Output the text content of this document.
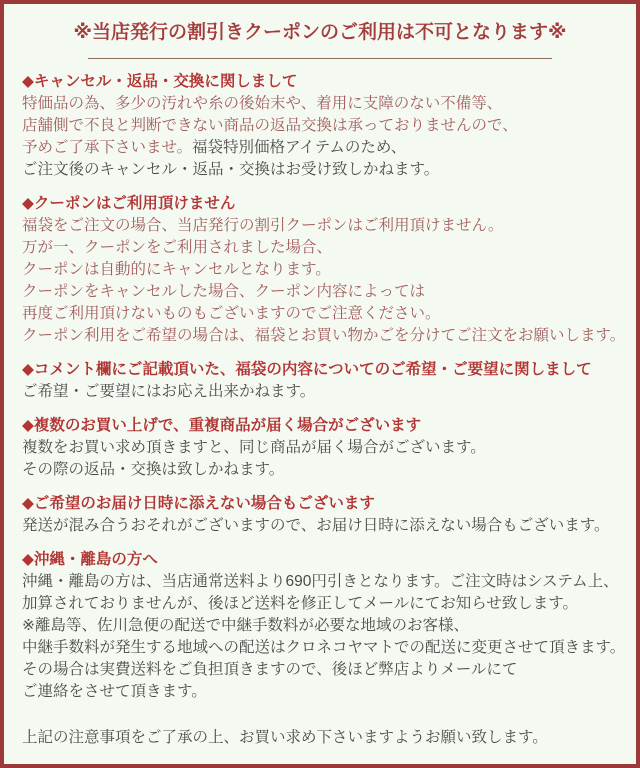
※当店発行の割引きクーポンのご利用は不可となります※
◆キャンセル・返品・交換に関しまして

特価品の為、多少の汚れや糸の後始末や、着用に支障のない不備等、

店舗側で不良と判断できない商品の返品交換は承っておりませんので、

予めご了承下さいませ。福袋特別価格アイテムのため、

ご注文後のキャンセル・返品・交換はお受け致しかねます。

◆クーポンはご利用頂けません

福袋をご注文の場合、当店発行の割引クーポンはご利用頂けません。

万が一、クーポンをご利用されました場合、

クーポンは自動的にキャンセルとなります。

クーポンをキャンセルした場合、クーポン内容によっては

再度ご利用頂けないものもございますのでご注意ください。

クーポン利用をご希望の場合は、福袋とお買い物かごを分けてご注文をお願いします。

◆コメント欄にご記載頂いた、福袋の内容についてのご希望・ご要望に関しまして

ご希望・ご要望にはお応え出来かねます。

◆複数のお買い上げで、重複商品が届く場合がございます

複数をお買い求め頂きますと、同じ商品が届く場合がございます。

その際の返品・交換は致しかねます。

◆ご希望のお届け日時に添えない場合もございます

発送が混み合うおそれがございますので、お届け日時に添えない場合もございます。

◆沖縄・離島の方へ

沖縄・離島の方は、当店通常送料より690円引きとなります。ご注文時はシステム上、

加算されておりませんが、後ほど送料を修正してメールにてお知らせ致します。

※離島等、佐川急便の配送で中継手数料が必要な地域のお客様、

中継手数料が発生する地域への配送はクロネコヤマトでの配送に変更させて頂きます。

その場合は実費送料をご負担頂きますので、後ほど弊店よりメールにて

ご連絡をさせて頂きます。

上記の注意事項をご了承の上、お買い求め下さいますようお願い致します。
